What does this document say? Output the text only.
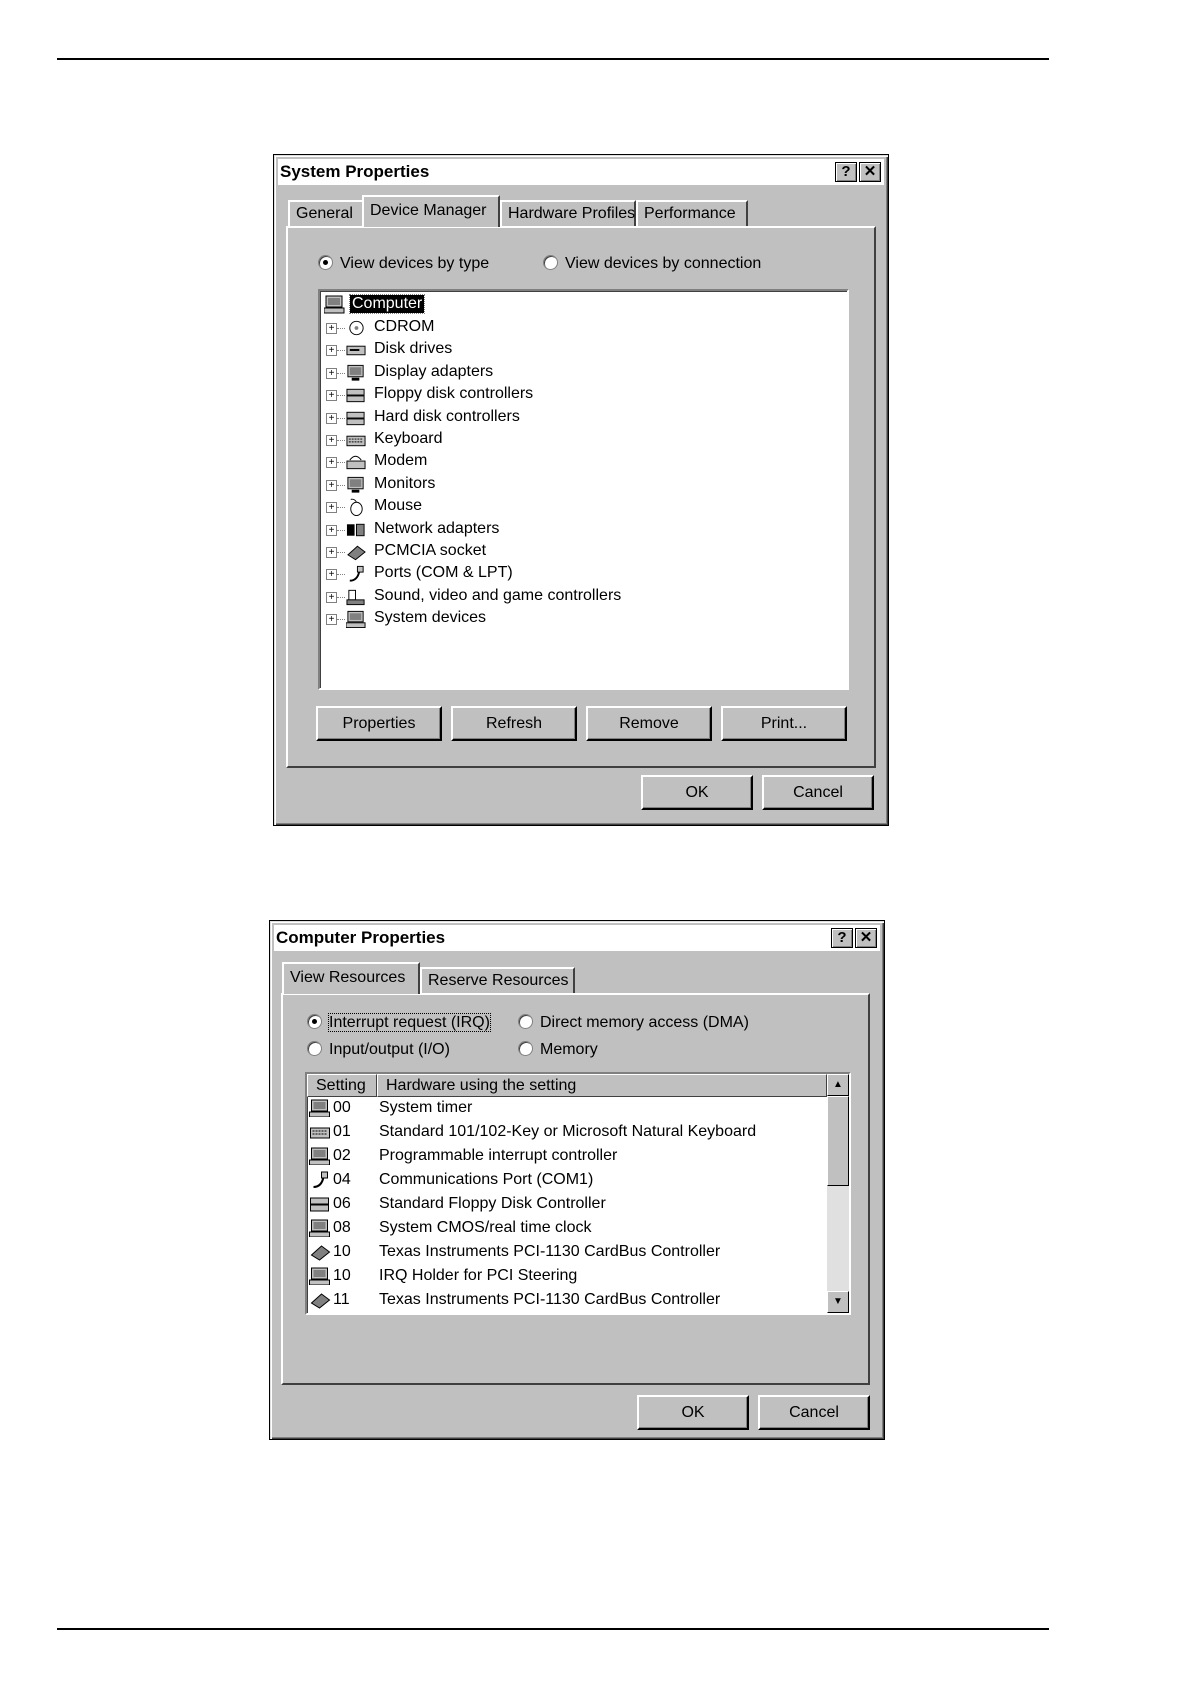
System Properties	? ✕
General	Device Manager	Hardware Profiles Performance
View devices by type	View devices by connection
Computer
+ CDROM
+ Disk drives
+ Display adapters
+ Floppy disk controllers
+ Hard disk controllers
+ Keyboard
+ Modem
+ Monitors
+ Mouse
+ Network adapters
+ PCMCIA socket
+ Ports (COM & LPT)
+ Sound, video and game controllers
+ System devices
Properties	Refresh	Remove	Print...
OK	Cancel
Computer Properties	? ✕
View Resources	Reserve Resources
Interrupt request (IRQ)	Direct memory access (DMA)
Input/output (I/O)	Memory
Setting	Hardware using the setting
00 System timer
01 Standard 101/102-Key or Microsoft Natural Keyboard
02 Programmable interrupt controller
04 Communications Port (COM1)
06 Standard Floppy Disk Controller
08 System CMOS/real time clock
10 Texas Instruments PCI-1130 CardBus Controller
10 IRQ Holder for PCI Steering
11 Texas Instruments PCI-1130 CardBus Controller
▲
▼
OK	Cancel
